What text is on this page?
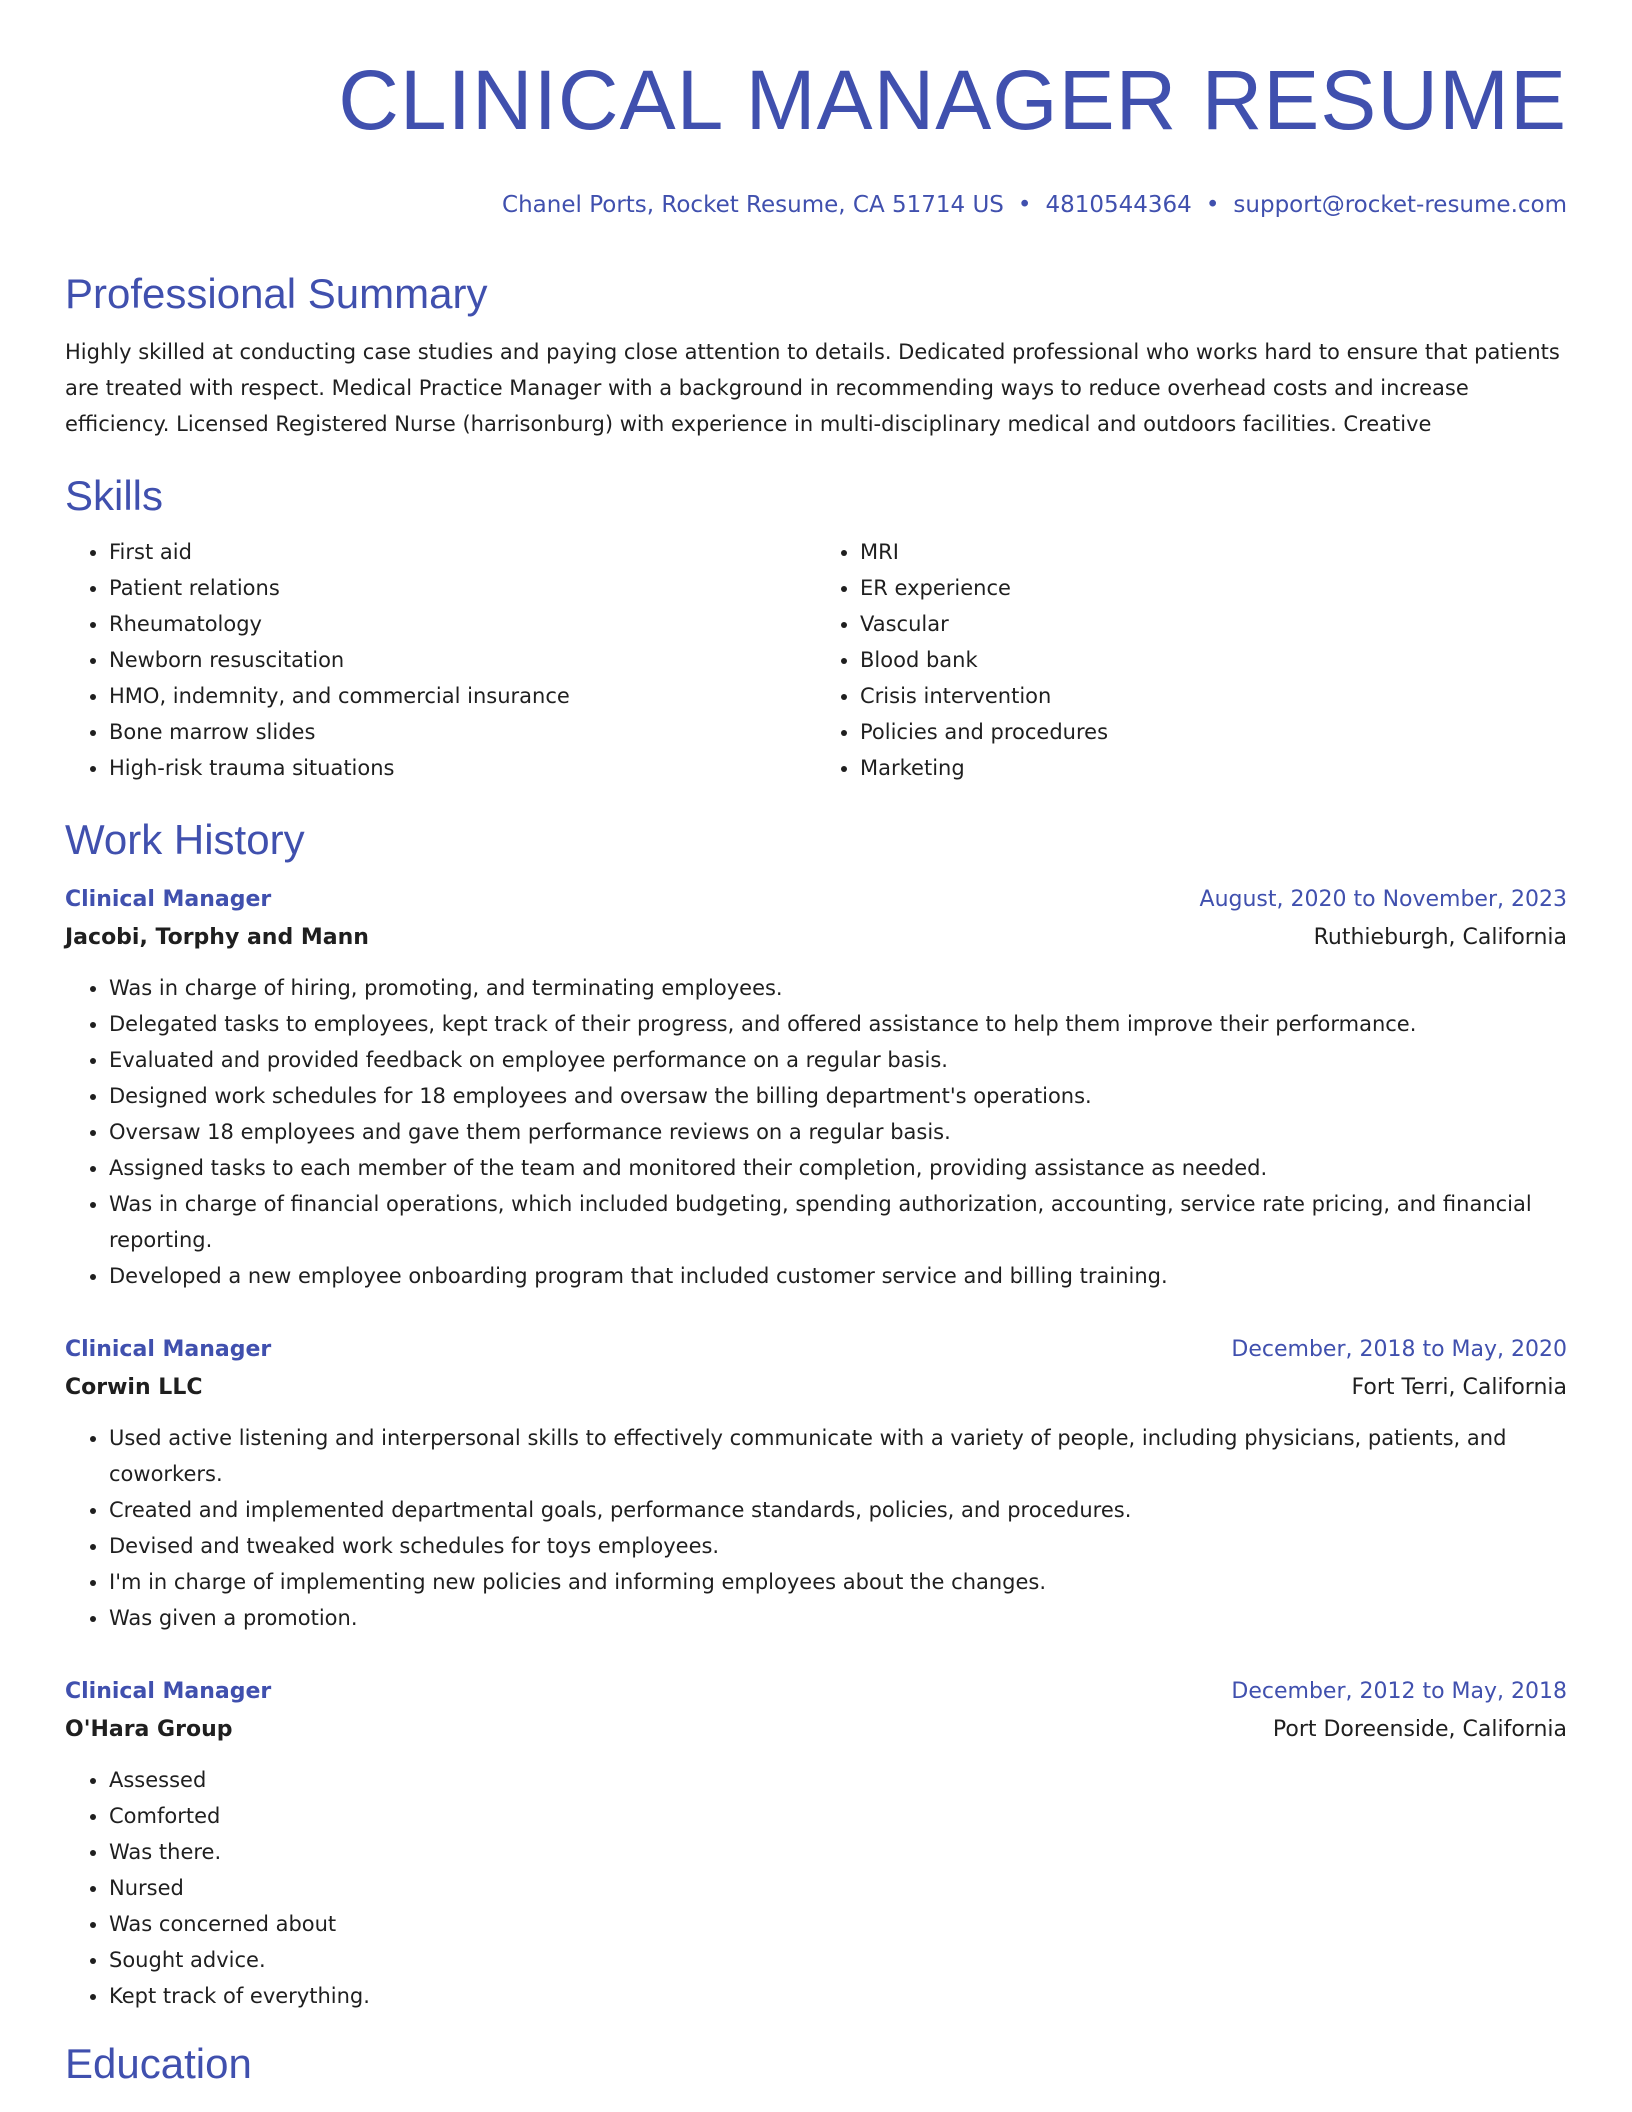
CLINICAL MANAGER RESUME
Chanel Ports, Rocket Resume, CA 51714 US • 4810544364 • support@rocket-resume.com
Professional Summary

Highly skilled at conducting case studies and paying close attention to details. Dedicated professional who works hard to ensure that patients are treated with respect. Medical Practice Manager with a background in recommending ways to reduce overhead costs and increase efficiency. Licensed Registered Nurse (harrisonburg) with experience in multi-disciplinary medical and outdoors facilities. Creative

Skills
• First aid
• Patient relations
• Rheumatology
• Newborn resuscitation
• HMO, indemnity, and commercial insurance
• Bone marrow slides
• High-risk trauma situations
• MRI
• ER experience
• Vascular
• Blood bank
• Crisis intervention
• Policies and procedures
• Marketing
Work History
Clinical Manager	August, 2020 to November, 2023
Jacobi, Torphy and Mann	Ruthieburgh, California
• Was in charge of hiring, promoting, and terminating employees.
• Delegated tasks to employees, kept track of their progress, and offered assistance to help them improve their performance.
• Evaluated and provided feedback on employee performance on a regular basis.
• Designed work schedules for 18 employees and oversaw the billing department's operations.
• Oversaw 18 employees and gave them performance reviews on a regular basis.
• Assigned tasks to each member of the team and monitored their completion, providing assistance as needed.
• Was in charge of financial operations, which included budgeting, spending authorization, accounting, service rate pricing, and financial reporting.
• Developed a new employee onboarding program that included customer service and billing training.
Clinical Manager	December, 2018 to May, 2020
Corwin LLC	Fort Terri, California
• Used active listening and interpersonal skills to effectively communicate with a variety of people, including physicians, patients, and coworkers.
• Created and implemented departmental goals, performance standards, policies, and procedures.
• Devised and tweaked work schedules for toys employees.
• I'm in charge of implementing new policies and informing employees about the changes.
• Was given a promotion.
Clinical Manager	December, 2012 to May, 2018
O'Hara Group	Port Doreenside, California
• Assessed
• Comforted
• Was there.
• Nursed
• Was concerned about
• Sought advice.
• Kept track of everything.
Education
